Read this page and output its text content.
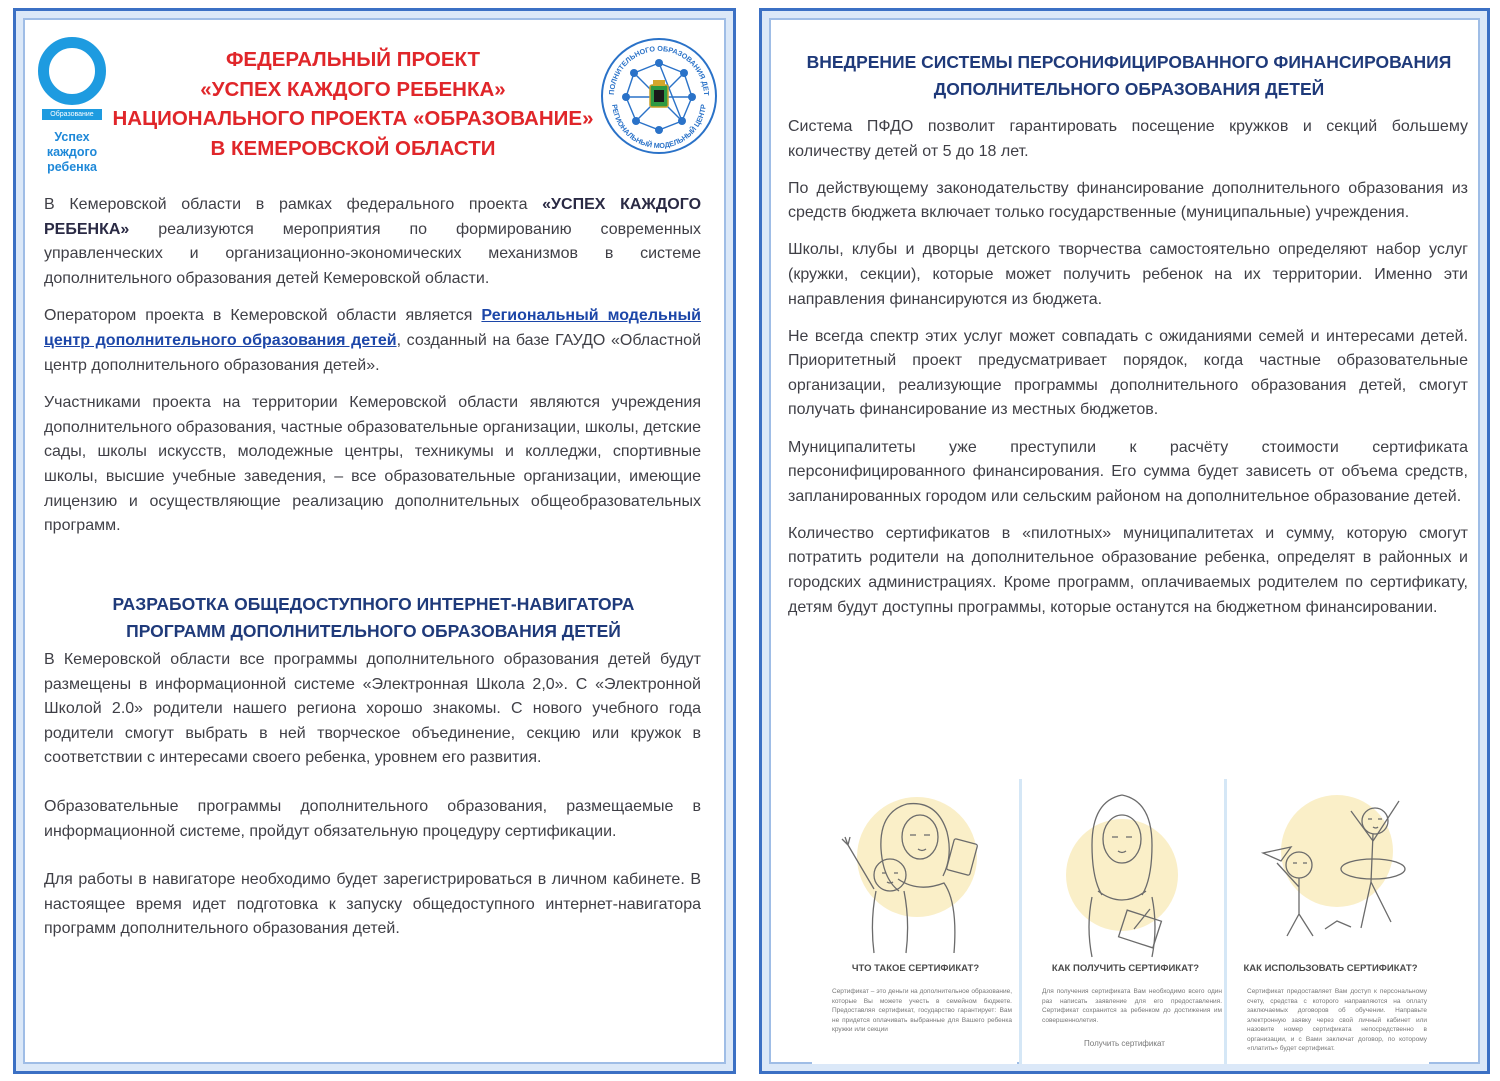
Образование
Успех каждого ребенка
ФЕДЕРАЛЬНЫЙ ПРОЕКТ
«УСПЕХ КАЖДОГО РЕБЕНКА»
НАЦИОНАЛЬНОГО ПРОЕКТА «ОБРАЗОВАНИЕ»
В КЕМЕРОВСКОЙ ОБЛАСТИ
ПОЛНИТЕЛЬНОГО ОБРАЗОВАНИЯ ДЕТ
РЕГИОНАЛЬНЫЙ МОДЕЛЬНЫЙ ЦЕНТР

В Кемеровской области в рамках федерального проекта «УСПЕХ КАЖДОГО РЕБЕНКА» реализуются мероприятия по формированию современных управленческих и организационно-экономических механизмов в системе дополнительного образования детей Кемеровской области.

Оператором проекта в Кемеровской области является Региональный модельный центр дополнительного образования детей, созданный на базе ГАУДО «Областной центр дополнительного образования детей».

Участниками проекта на территории Кемеровской области являются учреждения дополнительного образования, частные образовательные организации, школы, детские сады, школы искусств, молодежные центры, техникумы и колледжи, спортивные школы, высшие учебные заведения, – все образовательные организации, имеющие лицензию и осуществляющие реализацию дополнительных общеобразовательных программ.

РАЗРАБОТКА ОБЩЕДОСТУПНОГО ИНТЕРНЕТ-НАВИГАТОРА
ПРОГРАММ ДОПОЛНИТЕЛЬНОГО ОБРАЗОВАНИЯ ДЕТЕЙ

В Кемеровской области все программы дополнительного образования детей будут размещены в информационной системе «Электронная Школа 2,0». С «Электронной Школой 2.0» родители нашего региона хорошо знакомы. С нового учебного года родители смогут выбрать в ней творческое объединение, секцию или кружок в соответствии с интересами своего ребенка, уровнем его развития.

Образовательные программы дополнительного образования, размещаемые в информационной системе, пройдут обязательную процедуру сертификации.

Для работы в навигаторе необходимо будет зарегистрироваться в личном кабинете. В настоящее время идет подготовка к запуску общедоступного интернет-навигатора программ дополнительного образования детей.

ВНЕДРЕНИЕ СИСТЕМЫ ПЕРСОНИФИЦИРОВАННОГО ФИНАНСИРОВАНИЯ
ДОПОЛНИТЕЛЬНОГО ОБРАЗОВАНИЯ ДЕТЕЙ

Система ПФДО позволит гарантировать посещение кружков и секций большему количеству детей от 5 до 18 лет.

По действующему законодательству финансирование дополнительного образования из средств бюджета включает только государственные (муниципальные) учреждения.

Школы, клубы и дворцы детского творчества самостоятельно определяют набор услуг (кружки, секции), которые может получить ребенок на их территории. Именно эти направления финансируются из бюджета.

Не всегда спектр этих услуг может совпадать с ожиданиями семей и интересами детей. Приоритетный проект предусматривает порядок, когда частные образовательные организации, реализующие программы дополнительного образования детей, смогут получать финансирование из местных бюджетов.

Муниципалитеты уже преступили к расчёту стоимости сертификата персонифицированного финансирования. Его сумма будет зависеть от объема средств, запланированных городом или сельским районом на дополнительное образование детей.

Количество сертификатов в «пилотных» муниципалитетах и сумму, которую смогут потратить родители на дополнительное образование ребенка, определят в районных и городских администрациях. Кроме программ, оплачиваемых родителем по сертификату, детям будут доступны программы, которые останутся на бюджетном финансировании.

ЧТО ТАКОЕ СЕРТИФИКАТ?
Сертификат – это деньги на дополнительное образование, которые Вы можете учесть в семейном бюджете. Предоставляя сертификат, государство гарантирует: Вам не придется оплачивать выбранные для Вашего ребенка кружки или секции
КАК ПОЛУЧИТЬ СЕРТИФИКАТ?
Для получения сертификата Вам необходимо всего один раз написать заявление для его предоставления. Сертификат сохранится за ребенком до достижения им совершеннолетия.
Получить сертификат
КАК ИСПОЛЬЗОВАТЬ СЕРТИФИКАТ?
Сертификат предоставляет Вам доступ к персональному счету, средства с которого направляются на оплату заключаемых договоров об обучении. Направьте электронную заявку через свой личный кабинет или назовите номер сертификата непосредственно в организации, и с Вами заключат договор, по которому «платить» будет сертификат.
